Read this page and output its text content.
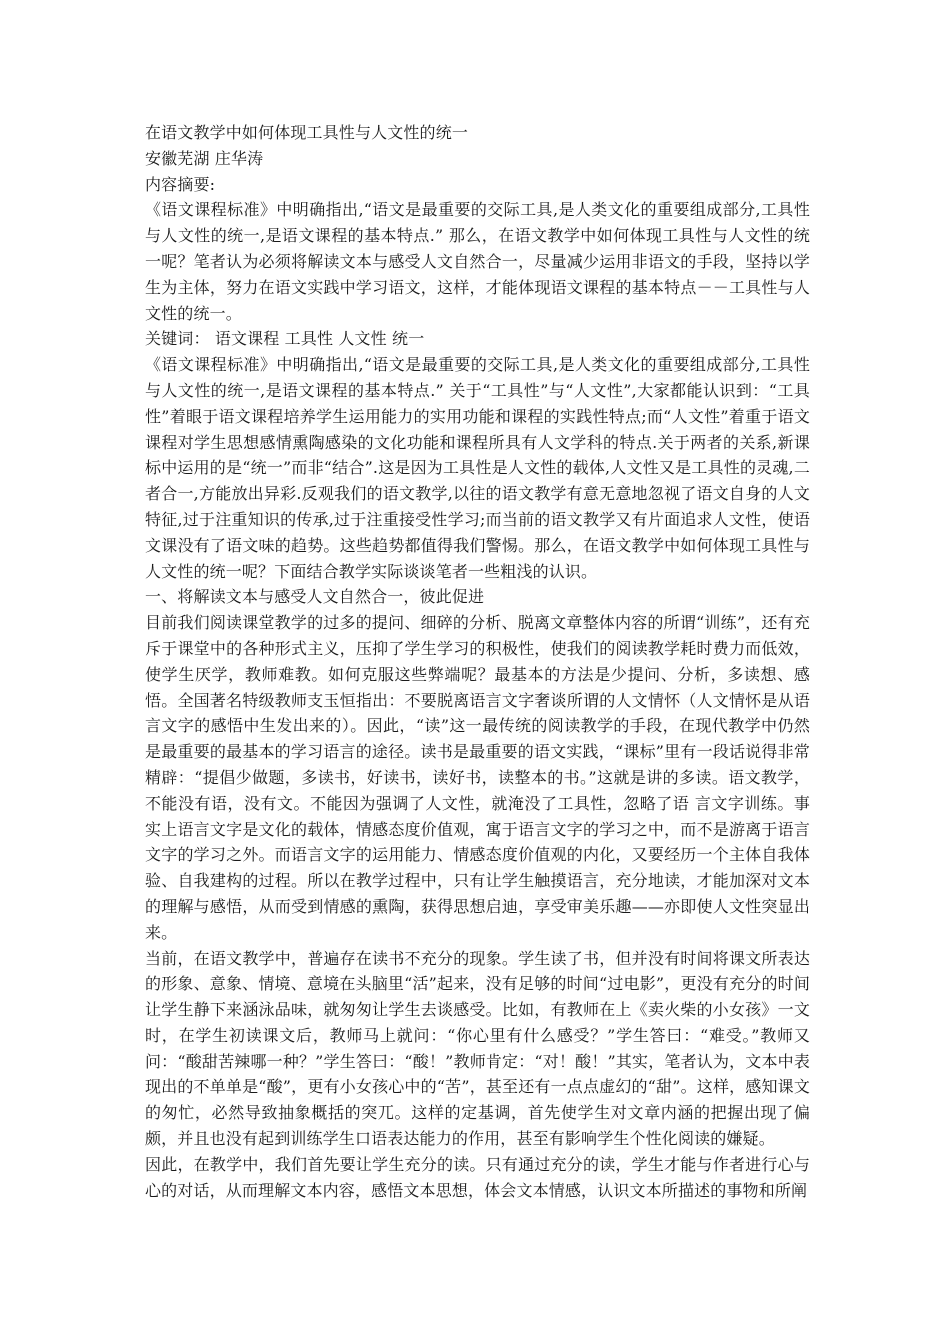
在语文教学中如何体现工具性与人文性的统一

安徽芜湖 庄华涛

内容摘要:

《语文课程标准》中明确指出,“语文是最重要的交际工具,是人类文化的重要组成部分,工具性与人文性的统一,是语文课程的基本特点.” 那么，在语文教学中如何体现工具性与人文性的统一呢？笔者认为必须将解读文本与感受人文自然合一，尽量减少运用非语文的手段，坚持以学生为主体，努力在语文实践中学习语文，这样，才能体现语文课程的基本特点－－工具性与人文性的统一。

关键词： 语文课程 工具性 人文性 统一

《语文课程标准》中明确指出,“语文是最重要的交际工具,是人类文化的重要组成部分,工具性与人文性的统一,是语文课程的基本特点.” 关于“工具性”与“人文性”,大家都能认识到：“工具性”着眼于语文课程培养学生运用能力的实用功能和课程的实践性特点;而“人文性”着重于语文课程对学生思想感情熏陶感染的文化功能和课程所具有人文学科的特点.关于两者的关系,新课标中运用的是“统一”而非“结合”.这是因为工具性是人文性的载体,人文性又是工具性的灵魂,二者合一,方能放出异彩.反观我们的语文教学,以往的语文教学有意无意地忽视了语文自身的人文特征,过于注重知识的传承,过于注重接受性学习;而当前的语文教学又有片面追求人文性，使语文课没有了语文味的趋势。这些趋势都值得我们警惕。那么，在语文教学中如何体现工具性与人文性的统一呢？下面结合教学实际谈谈笔者一些粗浅的认识。

一、将解读文本与感受人文自然合一，彼此促进

目前我们阅读课堂教学的过多的提问、细碎的分析、脱离文章整体内容的所谓“训练”，还有充斥于课堂中的各种形式主义，压抑了学生学习的积极性，使我们的阅读教学耗时费力而低效，使学生厌学，教师难教。如何克服这些弊端呢？最基本的方法是少提问、分析，多读想、感悟。全国著名特级教师支玉恒指出：不要脱离语言文字奢谈所谓的人文情怀（人文情怀是从语言文字的感悟中生发出来的）。因此，“读”这一最传统的阅读教学的手段，在现代教学中仍然是最重要的最基本的学习语言的途径。读书是最重要的语文实践，“课标”里有一段话说得非常精辟：“提倡少做题，多读书，好读书，读好书，读整本的书。”这就是讲的多读。语文教学，不能没有语，没有文。不能因为强调了人文性，就淹没了工具性，忽略了语 言文字训练。事实上语言文字是文化的载体，情感态度价值观，寓于语言文字的学习之中，而不是游离于语言文字的学习之外。而语言文字的运用能力、情感态度价值观的内化，又要经历一个主体自我体验、自我建构的过程。所以在教学过程中，只有让学生触摸语言，充分地读，才能加深对文本的理解与感悟，从而受到情感的熏陶，获得思想启迪，享受审美乐趣——亦即使人文性突显出来。

当前，在语文教学中，普遍存在读书不充分的现象。学生读了书，但并没有时间将课文所表达的形象、意象、情境、意境在头脑里“活”起来，没有足够的时间“过电影”，更没有充分的时间让学生静下来涵泳品味，就匆匆让学生去谈感受。比如，有教师在上《卖火柴的小女孩》一文时，在学生初读课文后，教师马上就问：“你心里有什么感受？”学生答曰：“难受。”教师又问：“酸甜苦辣哪一种？”学生答曰：“酸！”教师肯定：“对！酸！”其实，笔者认为，文本中表现出的不单单是“酸”，更有小女孩心中的“苦”，甚至还有一点点虚幻的“甜”。这样，感知课文的匆忙，必然导致抽象概括的突兀。这样的定基调，首先使学生对文章内涵的把握出现了偏颇，并且也没有起到训练学生口语表达能力的作用，甚至有影响学生个性化阅读的嫌疑。

因此，在教学中，我们首先要让学生充分的读。只有通过充分的读，学生才能与作者进行心与心的对话，从而理解文本内容，感悟文本思想，体会文本情感，认识文本所描述的事物和所阐
